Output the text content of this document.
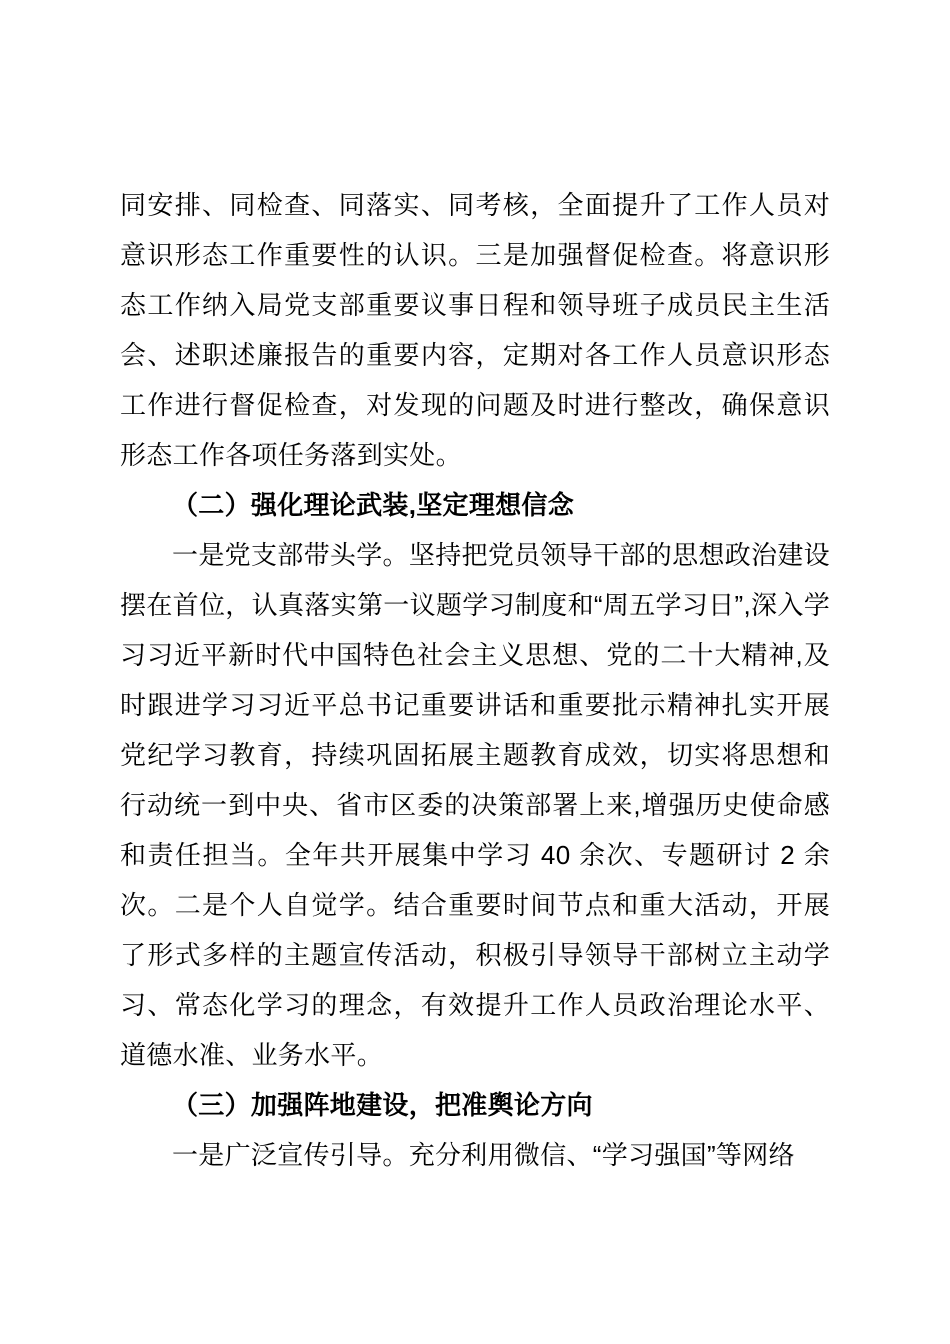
同安排、同检查、同落实、同考核，全面提升了工作人员对意识形态工作重要性的认识。三是加强督促检查。将意识形态工作纳入局党支部重要议事日程和领导班子成员民主生活会、述职述廉报告的重要内容，定期对各工作人员意识形态工作进行督促检查，对发现的问题及时进行整改，确保意识形态工作各项任务落到实处。

（二）强化理论武装,坚定理想信念

一是党支部带头学。坚持把党员领导干部的思想政治建设摆在首位，认真落实第一议题学习制度和“周五学习日”,深入学习习近平新时代中国特色社会主义思想、党的二十大精神,及时跟进学习习近平总书记重要讲话和重要批示精神扎实开展党纪学习教育，持续巩固拓展主题教育成效，切实将思想和行动统一到中央、省市区委的决策部署上来,增强历史使命感和责任担当。全年共开展集中学习 40 余次、专题研讨 2 余次。二是个人自觉学。结合重要时间节点和重大活动，开展了形式多样的主题宣传活动，积极引导领导干部树立主动学习、常态化学习的理念，有效提升工作人员政治理论水平、道德水准、业务水平。

（三）加强阵地建设，把准舆论方向

一是广泛宣传引导。充分利用微信、“学习强国”等网络
